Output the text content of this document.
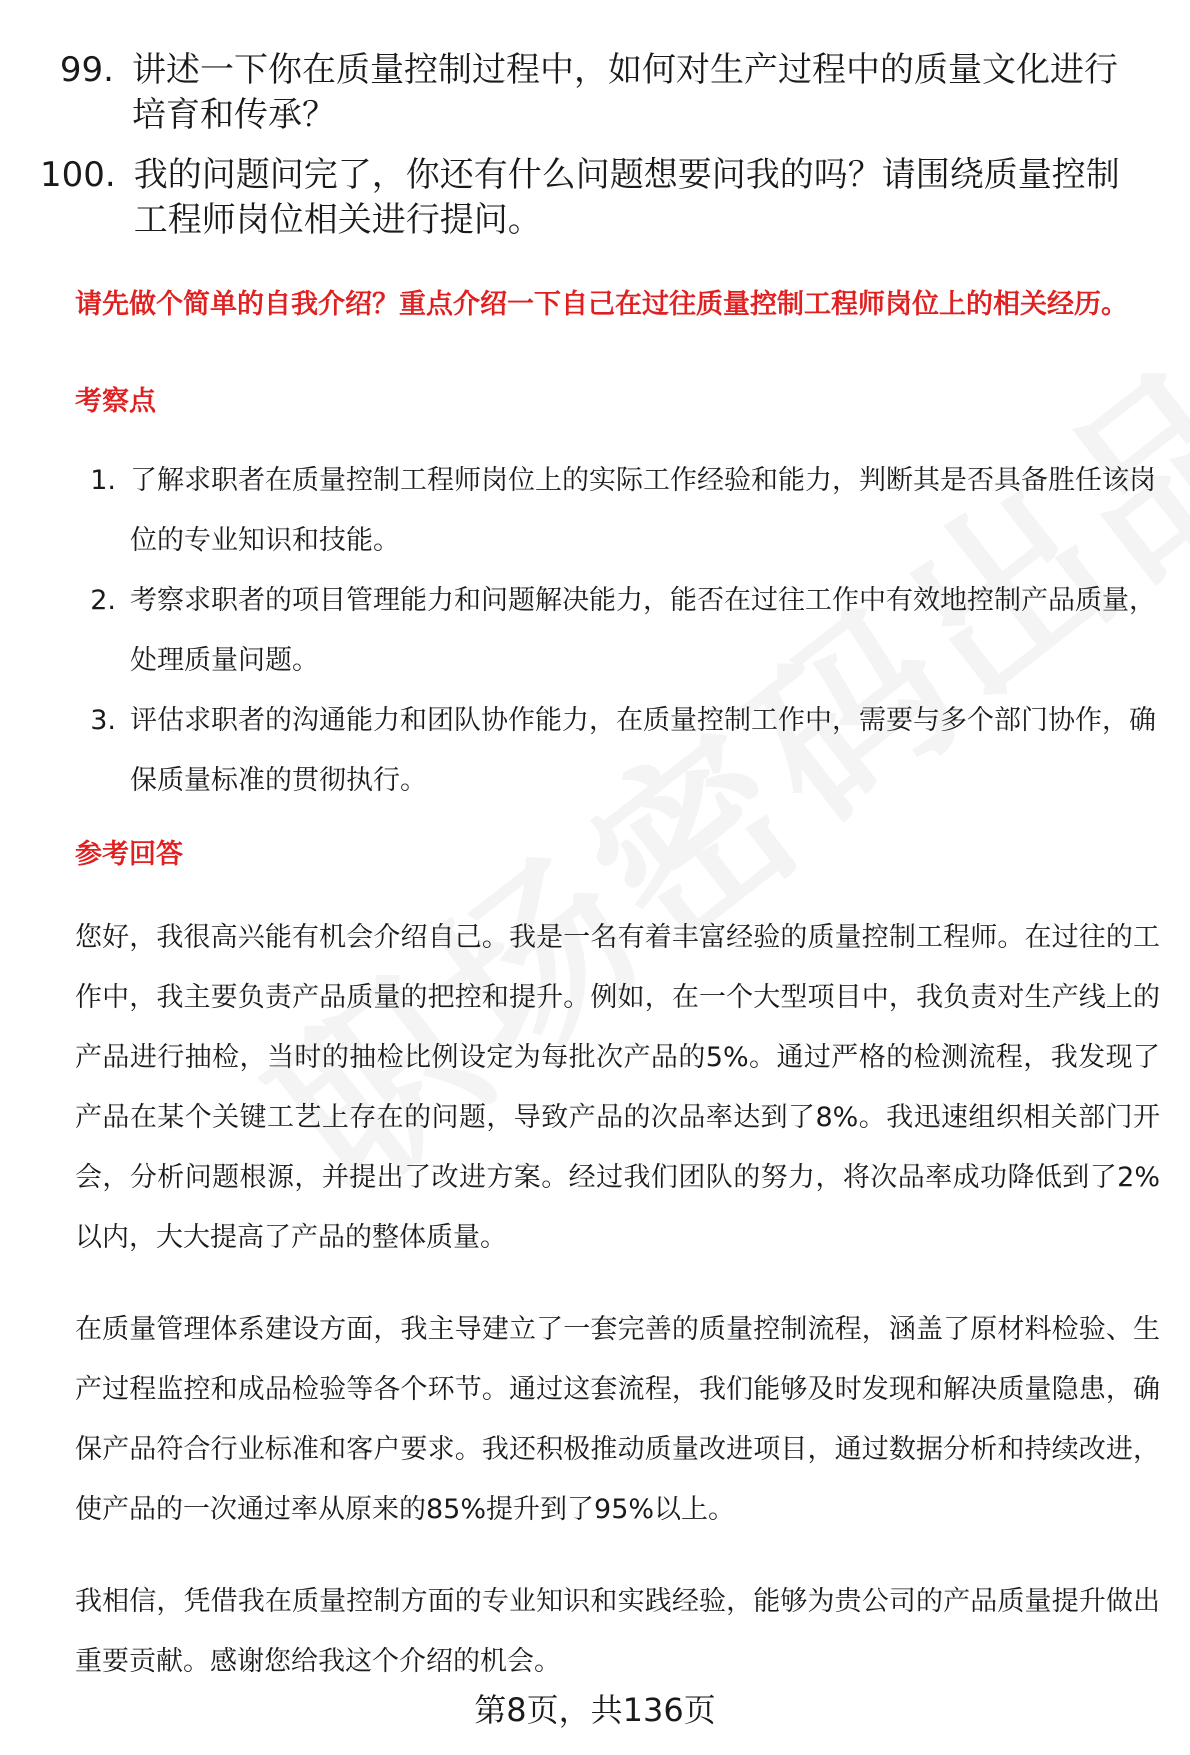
99. 讲述一下你在质量控制过程中，如何对生产过程中的质量文化进行培育和传承？
100. 我的问题问完了，你还有什么问题想要问我的吗？请围绕质量控制工程师岗位相关进行提问。
请先做个简单的自我介绍？重点介绍一下自己在过往质量控制工程师岗位上的相关经历。
考察点
1. 了解求职者在质量控制工程师岗位上的实际工作经验和能力，判断其是否具备胜任该岗位的专业知识和技能。
2. 考察求职者的项目管理能力和问题解决能力，能否在过往工作中有效地控制产品质量，处理质量问题。
3. 评估求职者的沟通能力和团队协作能力，在质量控制工作中，需要与多个部门协作，确保质量标准的贯彻执行。
参考回答

您好，我很高兴能有机会介绍自己。我是一名有着丰富经验的质量控制工程师。在过往的工作中，我主要负责产品质量的把控和提升。例如，在一个大型项目中，我负责对生产线上的产品进行抽检，当时的抽检比例设定为每批次产品的5%。通过严格的检测流程，我发现了产品在某个关键工艺上存在的问题，导致产品的次品率达到了8%。我迅速组织相关部门开会，分析问题根源，并提出了改进方案。经过我们团队的努力，将次品率成功降低到了2%以内，大大提高了产品的整体质量。

在质量管理体系建设方面，我主导建立了一套完善的质量控制流程，涵盖了原材料检验、生产过程监控和成品检验等各个环节。通过这套流程，我们能够及时发现和解决质量隐患，确保产品符合行业标准和客户要求。我还积极推动质量改进项目，通过数据分析和持续改进，使产品的一次通过率从原来的85%提升到了95%以上。

我相信，凭借我在质量控制方面的专业知识和实践经验，能够为贵公司的产品质量提升做出重要贡献。感谢您给我这个介绍的机会。

第8页，共136页
